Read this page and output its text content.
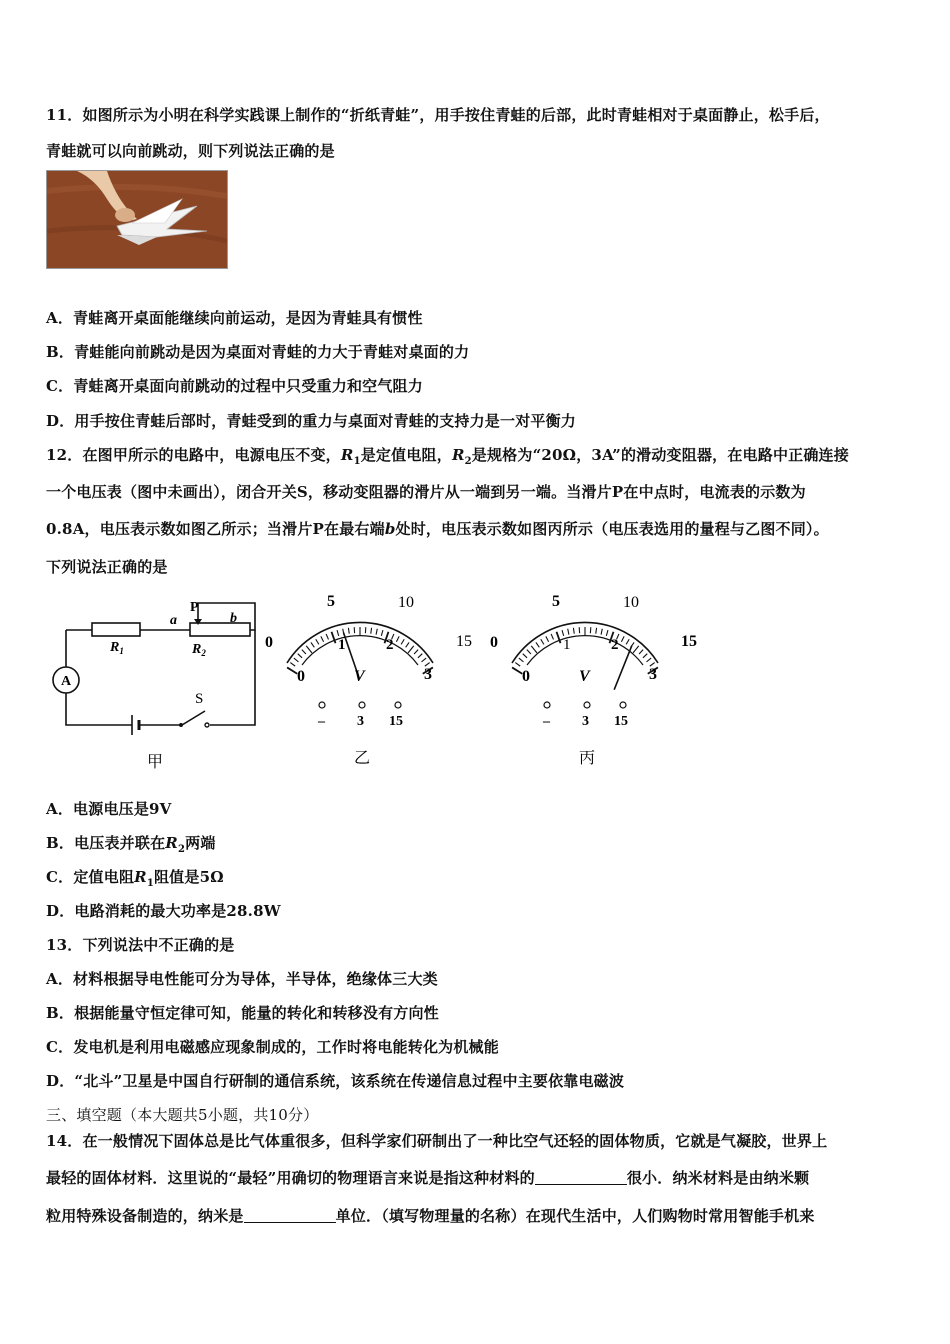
11．如图所示为小明在科学实践课上制作的“折纸青蛙”，用手按住青蛙的后部，此时青蛙相对于桌面静止，松手后，
青蛙就可以向前跳动，则下列说法正确的是
A．青蛙离开桌面能继续向前运动，是因为青蛙具有惯性
B．青蛙能向前跳动是因为桌面对青蛙的力大于青蛙对桌面的力
C．青蛙离开桌面向前跳动的过程中只受重力和空气阻力
D．用手按住青蛙后部时，青蛙受到的重力与桌面对青蛙的支持力是一对平衡力
12．在图甲所示的电路中，电源电压不变，$R_1$是定值电阻，$R_2$是规格为“20Ω，3A”的滑动变阻器，在电路中正确连接
一个电压表（图中未画出），闭合开关S，移动变阻器的滑片从一端到另一端。当滑片P在中点时，电流表的示数为
0.8A，电压表示数如图乙所示；当滑片P在最右端b处时，电压表示数如图丙所示（电压表选用的量程与乙图不同）。
下列说法正确的是
A
$R_1$	$R_2$
a	b
P
S
甲
5	10
0	15
1	2
0	3
V
– 3 15
乙
5	10
0	15
1	2
0	3
V
– 3 15
丙
A．电源电压是9V
B．电压表并联在$R_2$两端
C．定值电阻$R_1$阻值是5Ω
D．电路消耗的最大功率是28.8W
13．下列说法中不正确的是
A．材料根据导电性能可分为导体，半导体，绝缘体三大类
B．根据能量守恒定律可知，能量的转化和转移没有方向性
C．发电机是利用电磁感应现象制成的，工作时将电能转化为机械能
D．“北斗”卫星是中国自行研制的通信系统，该系统在传递信息过程中主要依靠电磁波
三、填空题（本大题共5小题，共10分）
14．在一般情况下固体总是比气体重很多，但科学家们研制出了一种比空气还轻的固体物质，它就是气凝胶，世界上
最轻的固体材料．这里说的“最轻”用确切的物理语言来说是指这种材料的	很小．纳米材料是由纳米颗
粒用特殊设备制造的，纳米是	单位．（填写物理量的名称）在现代生活中，人们购物时常用智能手机来
